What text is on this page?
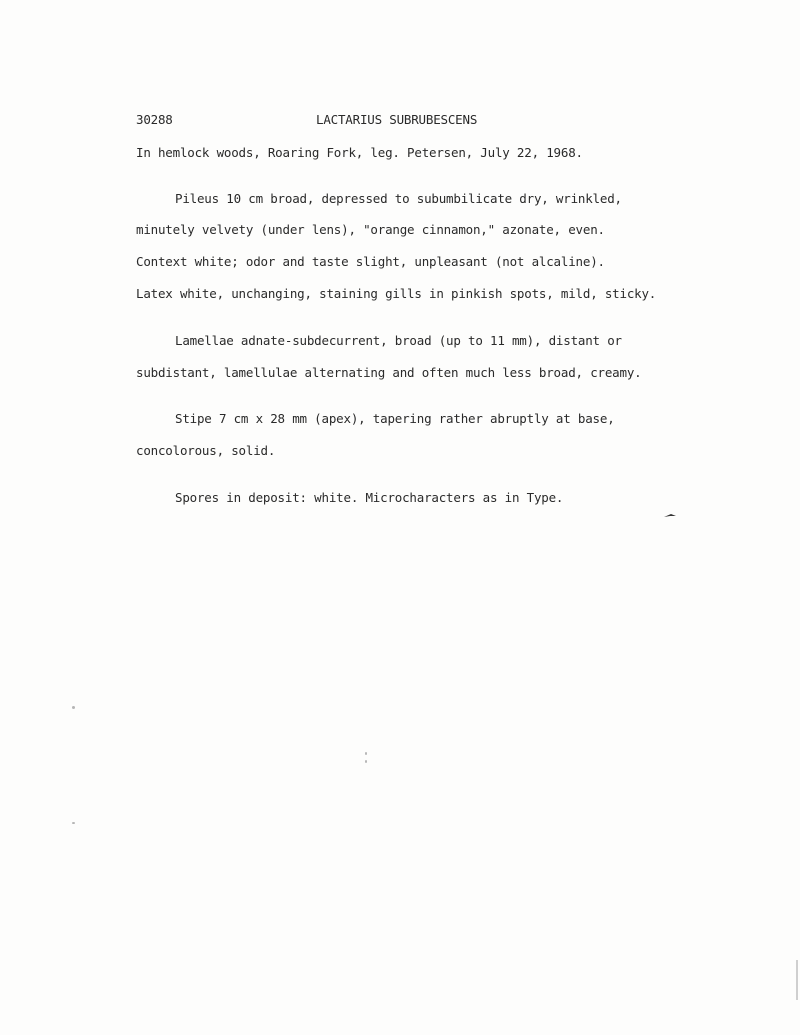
30288	LACTARIUS SUBRUBESCENS
In hemlock woods, Roaring Fork, leg. Petersen, July 22, 1968.
Pileus 10 cm broad, depressed to subumbilicate dry, wrinkled,
minutely velvety (under lens), "orange cinnamon," azonate, even.
Context white; odor and taste slight, unpleasant (not alcaline).
Latex white, unchanging, staining gills in pinkish spots, mild, sticky.
Lamellae adnate-subdecurrent, broad (up to 11 mm), distant or
subdistant, lamellulae alternating and often much less broad, creamy.
Stipe 7 cm x 28 mm (apex), tapering rather abruptly at base,
concolorous, solid.
Spores in deposit: white. Microcharacters as in Type.
